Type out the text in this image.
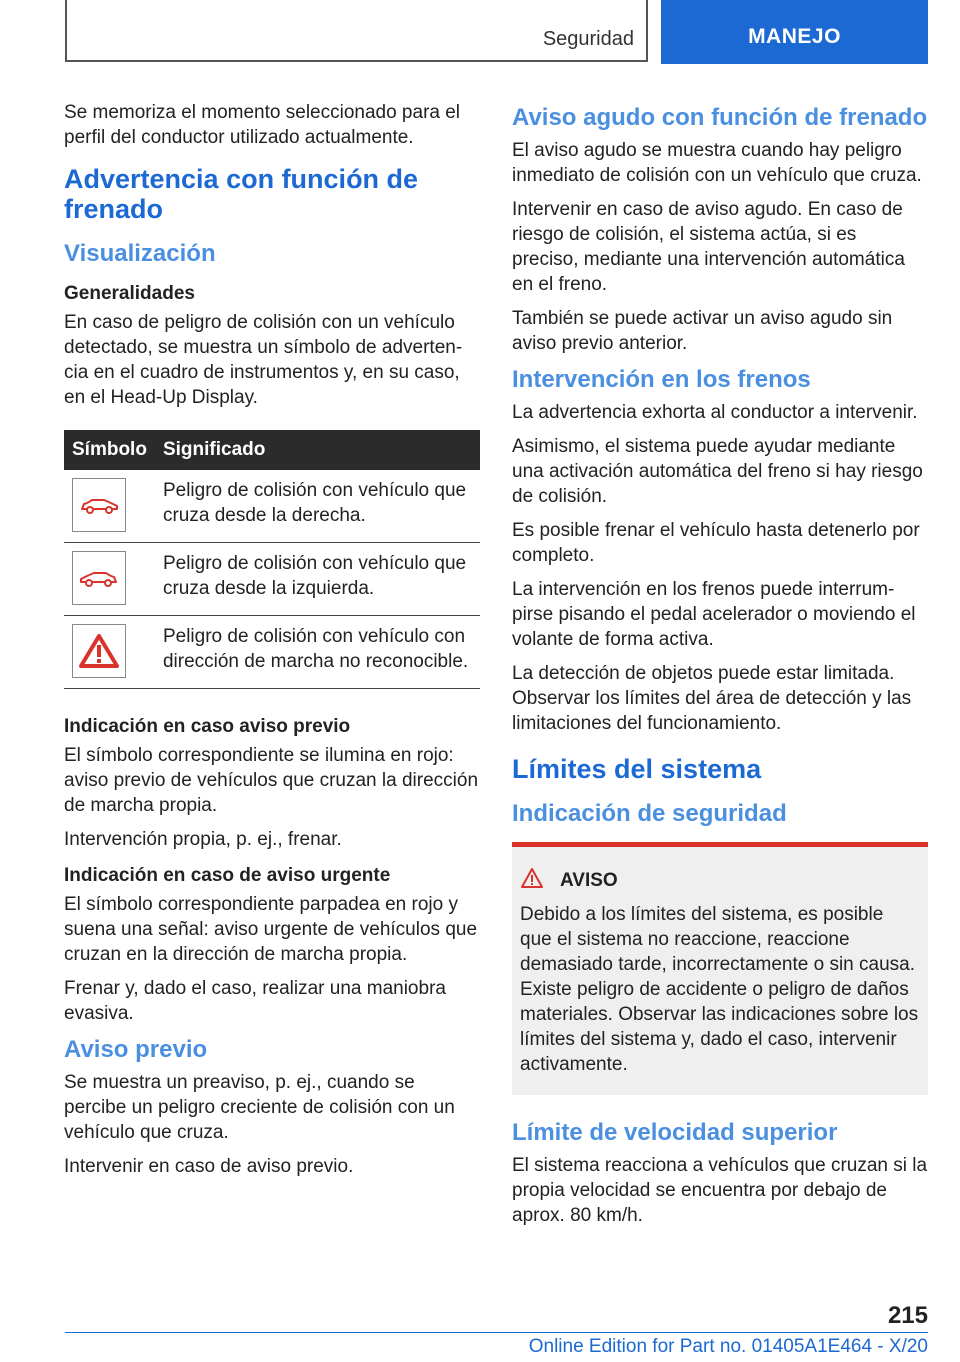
Seguridad	MANEJO

Se memoriza el momento seleccionado para el perfil del conductor utilizado actualmente.

Advertencia con función de frenado
Visualización
Generalidades

En caso de peligro de colisión con un vehículo detectado, se muestra un símbolo de advertencia en el cuadro de instrumentos y, en su caso, en el Head-Up Display.

Símbolo	Significado

	Peligro de colisión con vehículo que cruza desde la derecha.

	Peligro de colisión con vehículo que cruza desde la izquierda.

	Peligro de colisión con vehículo con dirección de marcha no reconocible.
Indicación en caso aviso previo

El símbolo correspondiente se ilumina en rojo: aviso previo de vehículos que cruzan la dirección de marcha propia.

Intervención propia, p. ej., frenar.

Indicación en caso de aviso urgente

El símbolo correspondiente parpadea en rojo y suena una señal: aviso urgente de vehículos que cruzan en la dirección de marcha propia.

Frenar y, dado el caso, realizar una maniobra evasiva.

Aviso previo

Se muestra un preaviso, p. ej., cuando se percibe un peligro creciente de colisión con un vehículo que cruza.

Intervenir en caso de aviso previo.

Aviso agudo con función de frenado

El aviso agudo se muestra cuando hay peligro inmediato de colisión con un vehículo que cruza.

Intervenir en caso de aviso agudo. En caso de riesgo de colisión, el sistema actúa, si es preciso, mediante una intervención automática en el freno.

También se puede activar un aviso agudo sin aviso previo anterior.

Intervención en los frenos

La advertencia exhorta al conductor a intervenir.

Asimismo, el sistema puede ayudar mediante una activación automática del freno si hay riesgo de colisión.

Es posible frenar el vehículo hasta detenerlo por completo.

La intervención en los frenos puede interrumpirse pisando el pedal acelerador o moviendo el volante de forma activa.

La detección de objetos puede estar limitada. Observar los límites del área de detección y las limitaciones del funcionamiento.

Límites del sistema
Indicación de seguridad
AVISO

Debido a los límites del sistema, es posible que el sistema no reaccione, reaccione demasiado tarde, incorrectamente o sin causa. Existe peligro de accidente o peligro de daños materiales. Observar las indicaciones sobre los límites del sistema y, dado el caso, intervenir activamente.

Límite de velocidad superior

El sistema reacciona a vehículos que cruzan si la propia velocidad se encuentra por debajo de aprox. 80 km/h.

215
Online Edition for Part no. 01405A1E464 - X/20
